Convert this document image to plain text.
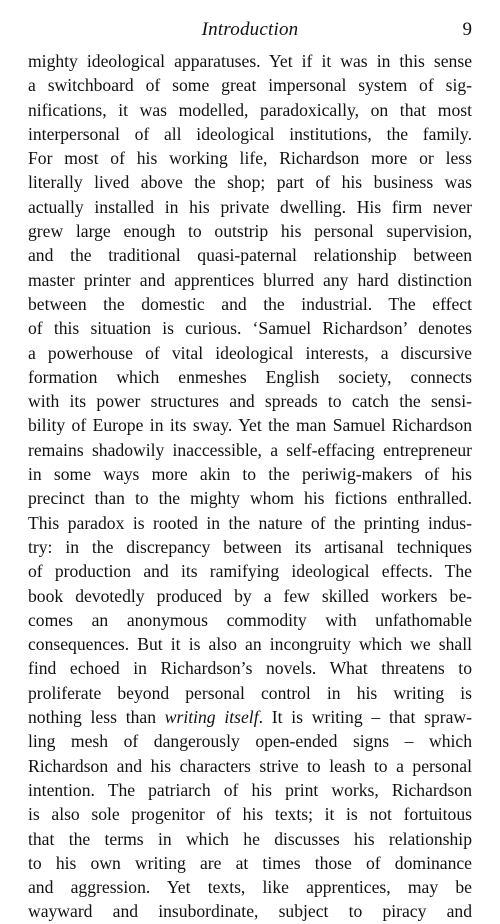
Introduction	9
mighty ideological apparatuses. Yet if it was in this sense
a switchboard of some great impersonal system of sig-
nifications, it was modelled, paradoxically, on that most
interpersonal of all ideological institutions, the family.
For most of his working life, Richardson more or less
literally lived above the shop; part of his business was
actually installed in his private dwelling. His firm never
grew large enough to outstrip his personal supervision,
and the traditional quasi-paternal relationship between
master printer and apprentices blurred any hard distinction
between the domestic and the industrial. The effect
of this situation is curious. ‘Samuel Richardson’ denotes
a powerhouse of vital ideological interests, a discursive
formation which enmeshes English society, connects
with its power structures and spreads to catch the sensi-
bility of Europe in its sway. Yet the man Samuel Richardson
remains shadowily inaccessible, a self-effacing entrepreneur
in some ways more akin to the periwig-makers of his
precinct than to the mighty whom his fictions enthralled.
This paradox is rooted in the nature of the printing indus-
try: in the discrepancy between its artisanal techniques
of production and its ramifying ideological effects. The
book devotedly produced by a few skilled workers be-
comes an anonymous commodity with unfathomable
consequences. But it is also an incongruity which we shall
find echoed in Richardson’s novels. What threatens to
proliferate beyond personal control in his writing is
nothing less than writing itself. It is writing – that spraw-
ling mesh of dangerously open-ended signs – which
Richardson and his characters strive to leash to a personal
intention. The patriarch of his print works, Richardson
is also sole progenitor of his texts; it is not fortuitous
that the terms in which he discusses his relationship
to his own writing are at times those of dominance
and aggression. Yet texts, like apprentices, may be
wayward and insubordinate, subject to piracy and
